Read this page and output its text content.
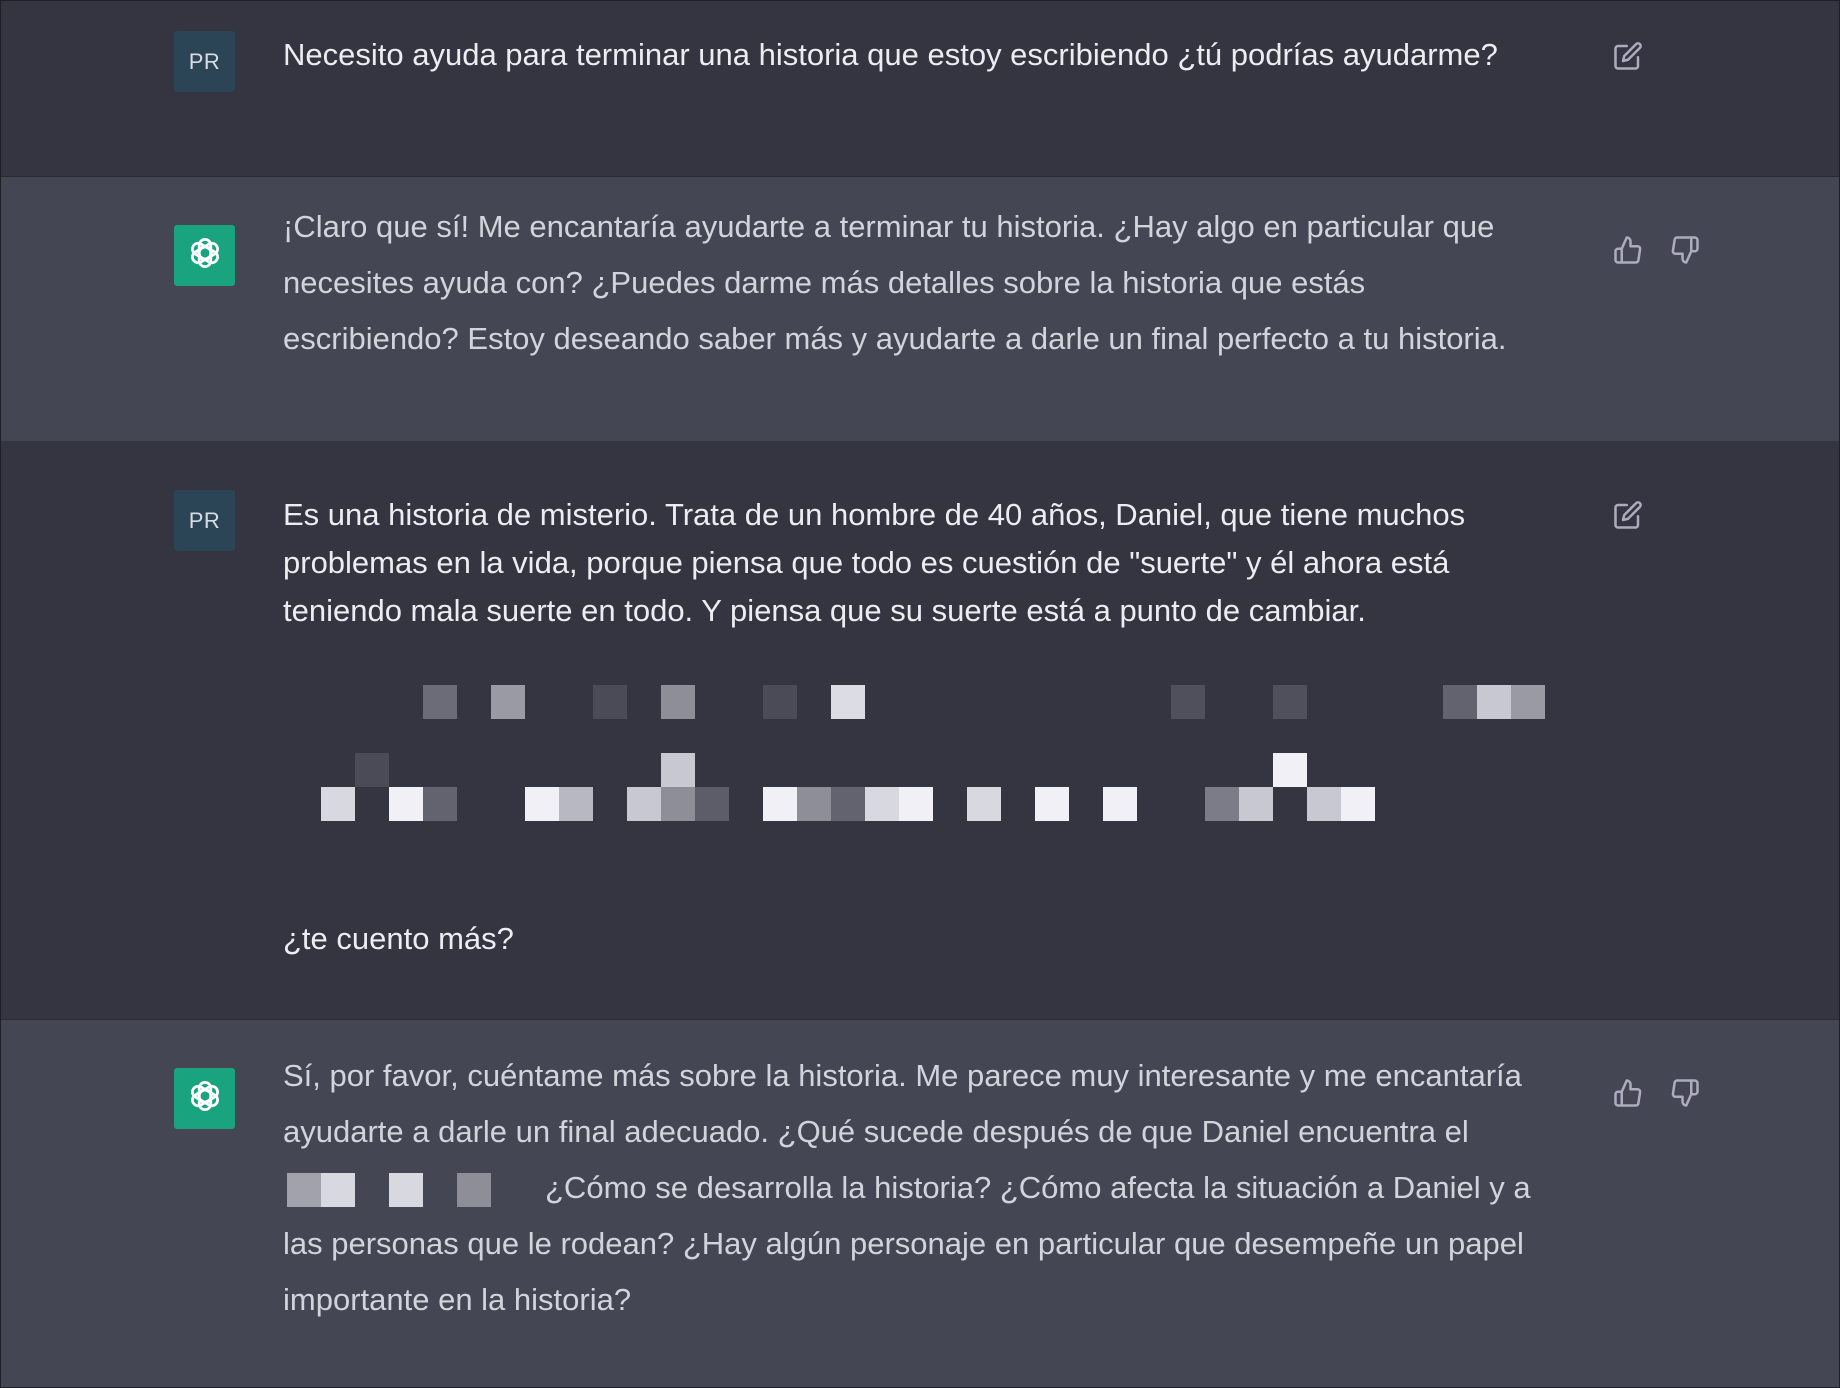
PR Necesito ayuda para terminar una historia que estoy escribiendo ¿tú podrías ayudarme?

¡Claro que sí! Me encantaría ayudarte a terminar tu historia. ¿Hay algo en particular que

necesites ayuda con? ¿Puedes darme más detalles sobre la historia que estás

escribiendo? Estoy deseando saber más y ayudarte a darle un final perfecto a tu historia.

PR Es una historia de misterio. Trata de un hombre de 40 años, Daniel, que tiene muchos

problemas en la vida, porque piensa que todo es cuestión de "suerte" y él ahora está

teniendo mala suerte en todo. Y piensa que su suerte está a punto de cambiar.

¿te cuento más?

Sí, por favor, cuéntame más sobre la historia. Me parece muy interesante y me encantaría

ayudarte a darle un final adecuado. ¿Qué sucede después de que Daniel encuentra el

¿Cómo se desarrolla la historia? ¿Cómo afecta la situación a Daniel y a

las personas que le rodean? ¿Hay algún personaje en particular que desempeñe un papel

importante en la historia?
